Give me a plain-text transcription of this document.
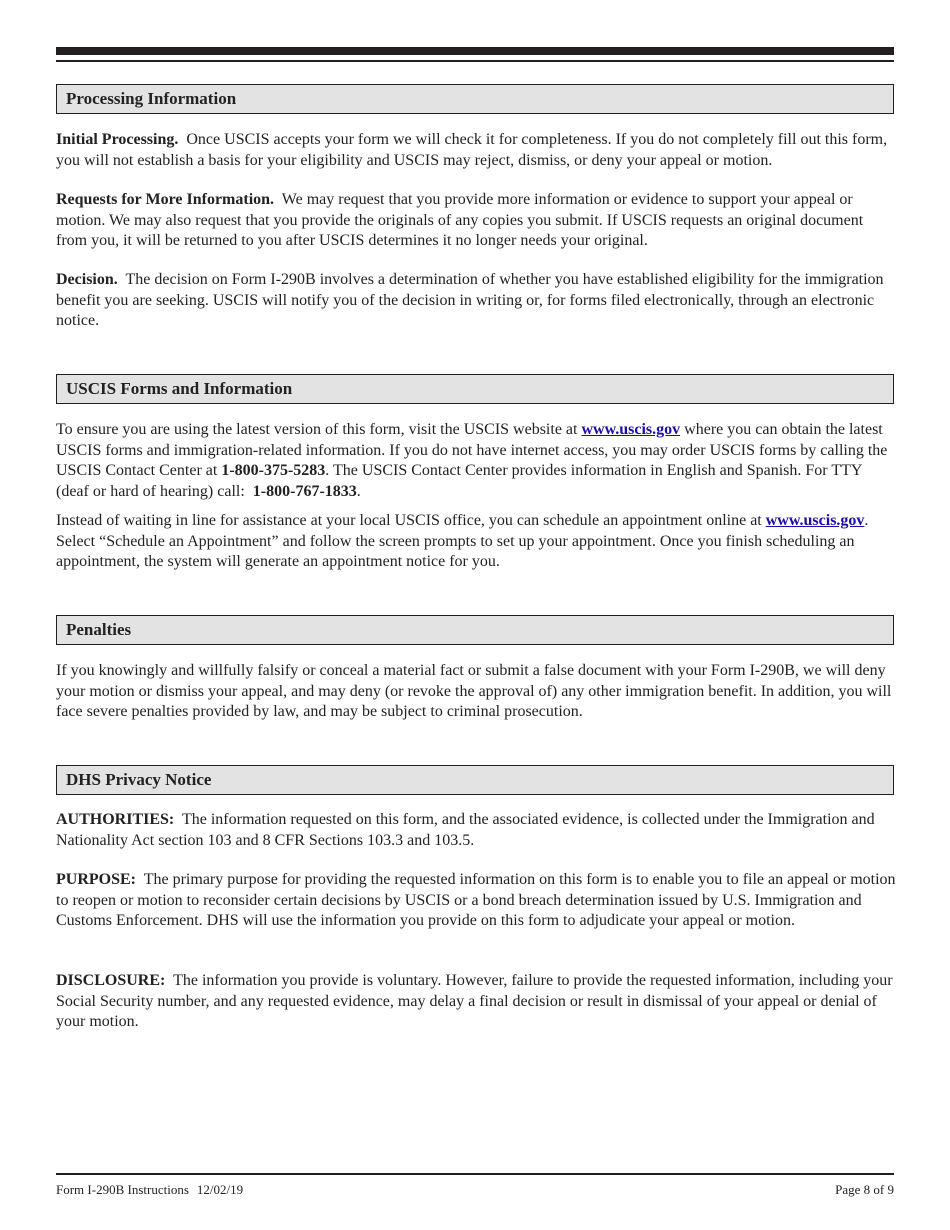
Processing Information

Initial Processing. Once USCIS accepts your form we will check it for completeness. If you do not completely fill out this form, you will not establish a basis for your eligibility and USCIS may reject, dismiss, or deny your appeal or motion.

Requests for More Information. We may request that you provide more information or evidence to support your appeal or motion. We may also request that you provide the originals of any copies you submit. If USCIS requests an original document from you, it will be returned to you after USCIS determines it no longer needs your original.

Decision. The decision on Form I-290B involves a determination of whether you have established eligibility for the immigration benefit you are seeking. USCIS will notify you of the decision in writing or, for forms filed electronically, through an electronic notice.

USCIS Forms and Information

To ensure you are using the latest version of this form, visit the USCIS website at www.uscis.gov where you can obtain the latest USCIS forms and immigration-related information. If you do not have internet access, you may order USCIS forms by calling the USCIS Contact Center at 1-800-375-5283. The USCIS Contact Center provides information in English and Spanish. For TTY (deaf or hard of hearing) call: 1-800-767-1833.

Instead of waiting in line for assistance at your local USCIS office, you can schedule an appointment online at www.uscis.gov. Select “Schedule an Appointment” and follow the screen prompts to set up your appointment. Once you finish scheduling an appointment, the system will generate an appointment notice for you.

Penalties

If you knowingly and willfully falsify or conceal a material fact or submit a false document with your Form I-290B, we will deny your motion or dismiss your appeal, and may deny (or revoke the approval of) any other immigration benefit. In addition, you will face severe penalties provided by law, and may be subject to criminal prosecution.

DHS Privacy Notice

AUTHORITIES: The information requested on this form, and the associated evidence, is collected under the Immigration and Nationality Act section 103 and 8 CFR Sections 103.3 and 103.5.

PURPOSE: The primary purpose for providing the requested information on this form is to enable you to file an appeal or motion to reopen or motion to reconsider certain decisions by USCIS or a bond breach determination issued by U.S. Immigration and Customs Enforcement. DHS will use the information you provide on this form to adjudicate your appeal or motion.

DISCLOSURE: The information you provide is voluntary. However, failure to provide the requested information, including your Social Security number, and any requested evidence, may delay a final decision or result in dismissal of your appeal or denial of your motion.

Form I-290B Instructions 12/02/19	Page 8 of 9
